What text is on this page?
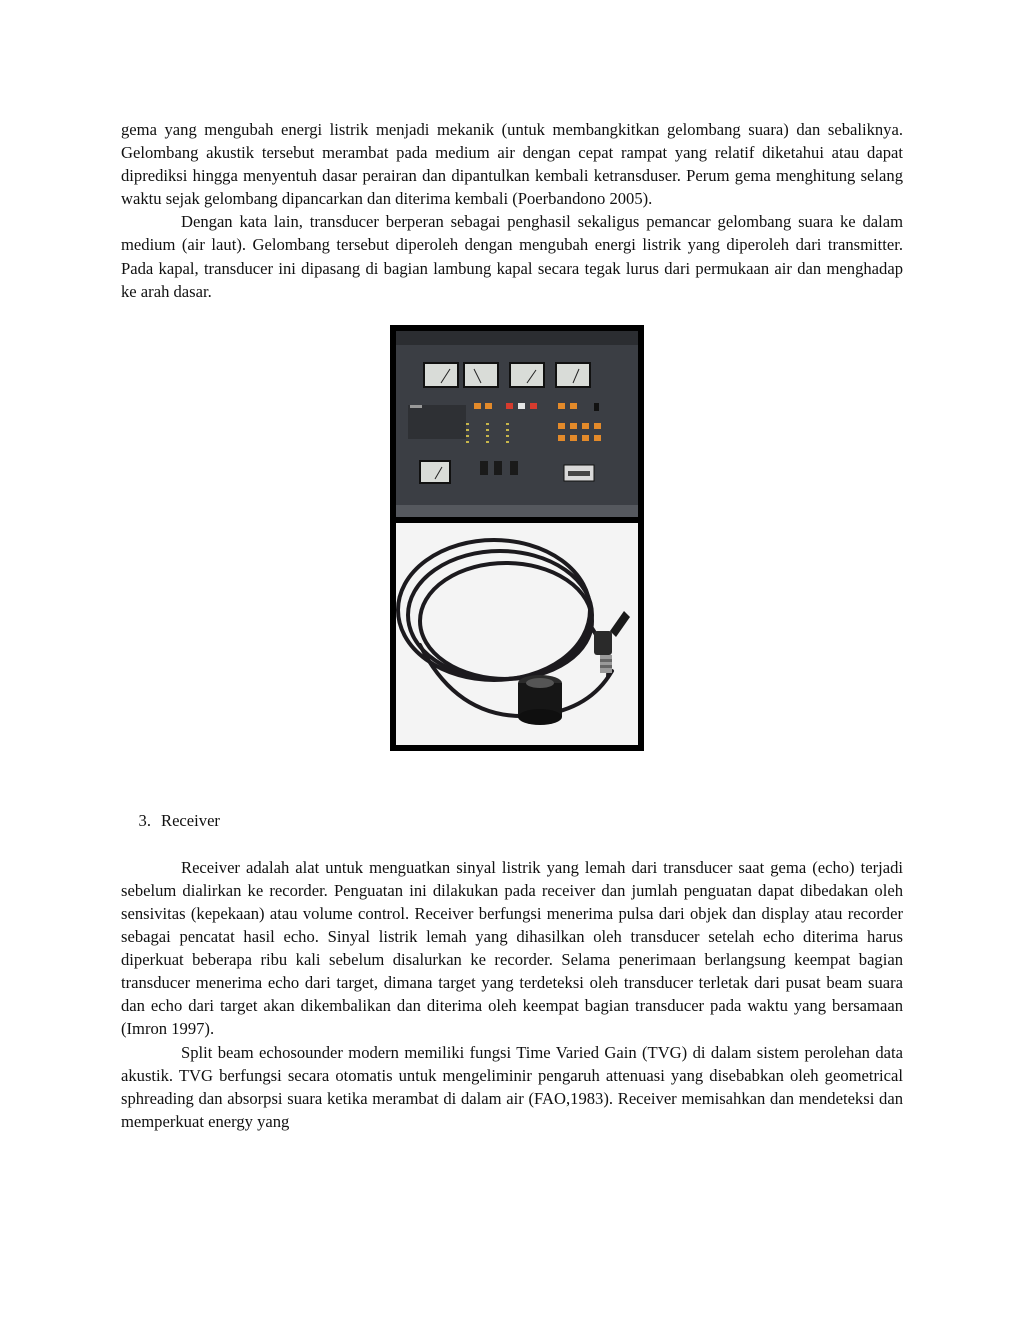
gema yang mengubah energi listrik menjadi mekanik (untuk membangkitkan gelombang suara) dan sebaliknya. Gelombang akustik tersebut merambat pada medium air dengan cepat rampat yang relatif diketahui atau dapat diprediksi hingga menyentuh dasar perairan dan dipantulkan kembali ketransduser. Perum gema menghitung selang waktu sejak gelombang dipancarkan dan diterima kembali (Poerbandono 2005).

Dengan kata lain, transducer berperan sebagai penghasil sekaligus pemancar gelombang suara ke dalam medium (air laut). Gelombang tersebut diperoleh dengan mengubah energi listrik yang diperoleh dari transmitter. Pada kapal, transducer ini dipasang di bagian lambung kapal secara tegak lurus dari permukaan air dan menghadap ke arah dasar.

3. Receiver

Receiver adalah alat untuk menguatkan sinyal listrik yang lemah dari transducer saat gema (echo) terjadi sebelum dialirkan ke recorder. Penguatan ini dilakukan pada receiver dan jumlah penguatan dapat dibedakan oleh sensivitas (kepekaan) atau volume control. Receiver berfungsi menerima pulsa dari objek dan display atau recorder sebagai pencatat hasil echo. Sinyal listrik lemah yang dihasilkan oleh transducer setelah echo diterima harus diperkuat beberapa ribu kali sebelum disalurkan ke recorder. Selama penerimaan berlangsung keempat bagian transducer menerima echo dari target, dimana target yang terdeteksi oleh transducer terletak dari pusat beam suara dan echo dari target akan dikembalikan dan diterima oleh keempat bagian transducer pada waktu yang bersamaan (Imron 1997).

Split beam echosounder modern memiliki fungsi Time Varied Gain (TVG) di dalam sistem perolehan data akustik. TVG berfungsi secara otomatis untuk mengeliminir pengaruh attenuasi yang disebabkan oleh geometrical sphreading dan absorpsi suara ketika merambat di dalam air (FAO,1983). Receiver memisahkan dan mendeteksi dan memperkuat energy yang
